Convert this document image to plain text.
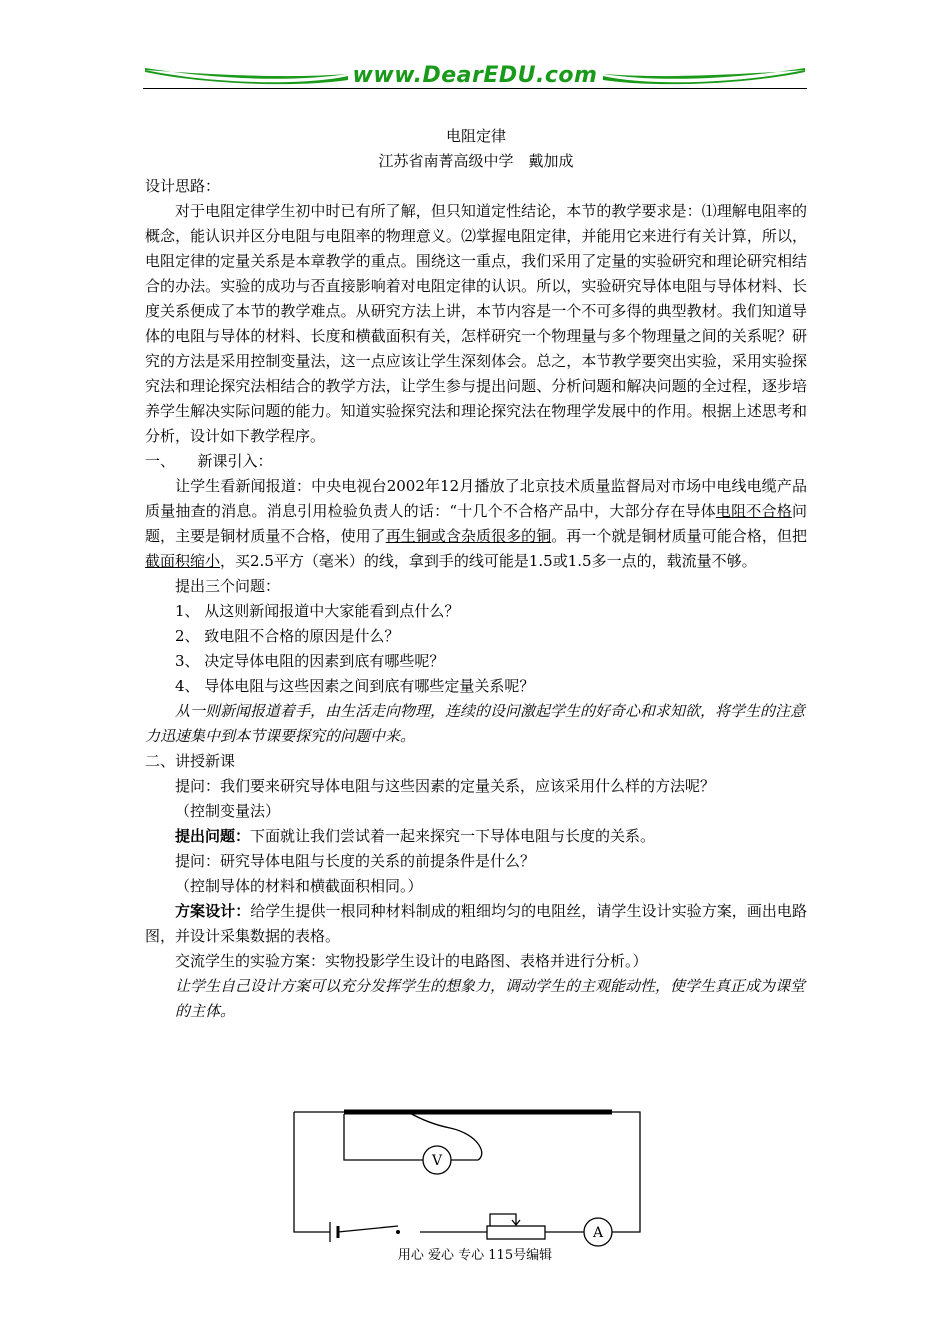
www.DearEDU.com

电阻定律

江苏省南菁高级中学　戴加成

设计思路：

对于电阻定律学生初中时已有所了解，但只知道定性结论，本节的教学要求是：⑴理解电阻率的概念，能认识并区分电阻与电阻率的物理意义。⑵掌握电阻定律，并能用它来进行有关计算，所以，电阻定律的定量关系是本章教学的重点。围绕这一重点，我们采用了定量的实验研究和理论研究相结合的办法。实验的成功与否直接影响着对电阻定律的认识。所以，实验研究导体电阻与导体材料、长度关系便成了本节的教学难点。从研究方法上讲，本节内容是一个不可多得的典型教材。我们知道导体的电阻与导体的材料、长度和横截面积有关，怎样研究一个物理量与多个物理量之间的关系呢？研究的方法是采用控制变量法，这一点应该让学生深刻体会。总之，本节教学要突出实验，采用实验探究法和理论探究法相结合的教学方法，让学生参与提出问题、分析问题和解决问题的全过程，逐步培养学生解决实际问题的能力。知道实验探究法和理论探究法在物理学发展中的作用。根据上述思考和分析，设计如下教学程序。

一、　　新课引入：

让学生看新闻报道：中央电视台2002年12月播放了北京技术质量监督局对市场中电线电缆产品质量抽查的消息。消息引用检验负责人的话：“十几个不合格产品中，大部分存在导体电阻不合格问题，主要是铜材质量不合格，使用了再生铜或含杂质很多的铜。再一个就是铜材质量可能合格，但把截面积缩小，买2.5平方（毫米）的线，拿到手的线可能是1.5或1.5多一点的，载流量不够。

提出三个问题：

1、 从这则新闻报道中大家能看到点什么？

2、 致电阻不合格的原因是什么？

3、 决定导体电阻的因素到底有哪些呢？

4、 导体电阻与这些因素之间到底有哪些定量关系呢？

从一则新闻报道着手，由生活走向物理，连续的设问激起学生的好奇心和求知欲，将学生的注意力迅速集中到本节课要探究的问题中来。

二、讲授新课

提问：我们要来研究导体电阻与这些因素的定量关系，应该采用什么样的方法呢？

（控制变量法）

提出问题：下面就让我们尝试着一起来探究一下导体电阻与长度的关系。

提问：研究导体电阻与长度的关系的前提条件是什么？

（控制导体的材料和横截面积相同。）

方案设计：给学生提供一根同种材料制成的粗细均匀的电阻丝，请学生设计实验方案，画出电路图，并设计采集数据的表格。

交流学生的实验方案：实物投影学生设计的电路图、表格并进行分析。）

让学生自己设计方案可以充分发挥学生的想象力，调动学生的主观能动性，使学生真正成为课堂的主体。

V
A
用心 爱心 专心 115号编辑
